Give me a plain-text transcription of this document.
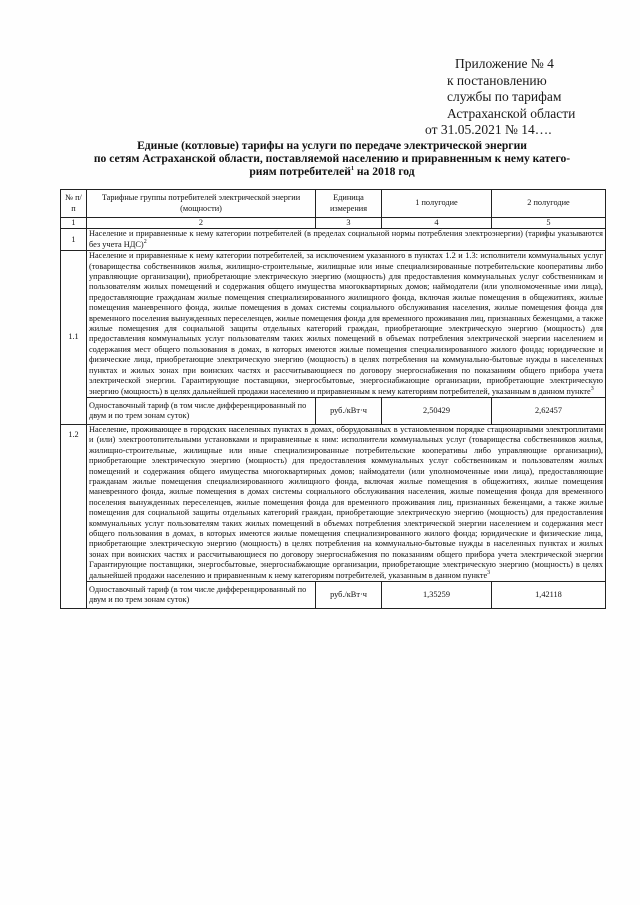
Приложение № 4
к постановлению
службы по тарифам
Астраханской области
от 31.05.2021 № 14….
Единые (котловые) тарифы на услуги по передаче электрической энергии
по сетям Астраханской области, поставляемой населению и приравненным к нему катего-
риям потребителей$^1$ на 2018 год
№ п/п	Тарифные группы потребителей электрической энергии (мощности)	Единица измерения	1 полугодие	2 полугодие
1	2	3	4	5
1	Население и приравненные к нему категории потребителей (в пределах социальной нормы потребления электроэнергии) (тарифы указываются без учета НДС)$^2$
1.1	Население и приравненные к нему категории потребителей, за исключением указанного в пунктах 1.2 и 1.3: исполнители коммунальных услуг (товарищества собственников жилья, жилищно-строительные, жилищные или иные специализированные потребительские кооперативы либо управляющие организации), приобретающие электрическую энергию (мощность) для предоставления коммунальных услуг собственникам и пользователям жилых помещений и содержания общего имущества многоквартирных домов; наймодатели (или уполномоченные ими лица), предоставляющие гражданам жилые помещения специализированного жилищного фонда, включая жилые помещения в общежитиях, жилые помещения маневренного фонда, жилые помещения в домах системы социального обслуживания населения, жилые помещения фонда для временного поселения вынужденных переселенцев, жилые помещения фонда для временного проживания лиц, признанных беженцами, а также жилые помещения для социальной защиты отдельных категорий граждан, приобретающие электрическую энергию (мощность) для предоставления коммунальных услуг пользователям таких жилых помещений в объемах потребления электрической энергии населением и содержания мест общего пользования в домах, в которых имеются жилые помещения специализированного жилого фонда; юридические и физические лица, приобретающие электрическую энергию (мощность) в целях потребления на коммунально-бытовые нужды в населенных пунктах и жилых зонах при воинских частях и рассчитывающиеся по договору энергоснабжения по показаниям общего прибора учета электрической энергии. Гарантирующие поставщики, энергосбытовые, энергоснабжающие организации, приобретающие электрическую энергию (мощность) в целях дальнейшей продажи населению и приравненным к нему категориям потребителей, указанным в данном пункте$^3$
	Одноставочный тариф (в том числе дифференцированный по двум и по трем зонам суток)	руб./кВт·ч	2,50429	2,62457
1.2	Население, проживающее в городских населенных пунктах в домах, оборудованных в установленном порядке стационарными электроплитами и (или) электроотопительными установками и приравненные к ним: исполнители коммунальных услуг (товарищества собственников жилья, жилищно-строительные, жилищные или иные специализированные потребительские кооперативы либо управляющие организации), приобретающие электрическую энергию (мощность) для предоставления коммунальных услуг собственникам и пользователям жилых помещений и содержания общего имущества многоквартирных домов; наймодатели (или уполномоченные ими лица), предоставляющие гражданам жилые помещения специализированного жилищного фонда, включая жилые помещения в общежитиях, жилые помещения маневренного фонда, жилые помещения в домах системы социального обслуживания населения, жилые помещения фонда для временного поселения вынужденных переселенцев, жилые помещения фонда для временного проживания лиц, признанных беженцами, а также жилые помещения для социальной защиты отдельных категорий граждан, приобретающие электрическую энергию (мощность) для предоставления коммунальных услуг пользователям таких жилых помещений в объемах потребления электрической энергии населением и содержания мест общего пользования в домах, в которых имеются жилые помещения специализированного жилого фонда; юридические и физические лица, приобретающие электрическую энергию (мощность) в целях потребления на коммунально-бытовые нужды в населенных пунктах и жилых зонах при воинских частях и рассчитывающиеся по договору энергоснабжения по показаниям общего прибора учета электрической энергии Гарантирующие поставщики, энергосбытовые, энергоснабжающие организации, приобретающие электрическую энергию (мощность) в целях дальнейшей продажи населению и приравненным к нему категориям потребителей, указанным в данном пункте$^3$
	Одноставочный тариф (в том числе дифференцированный по двум и по трем зонам суток)	руб./кВт·ч	1,35259	1,42118
